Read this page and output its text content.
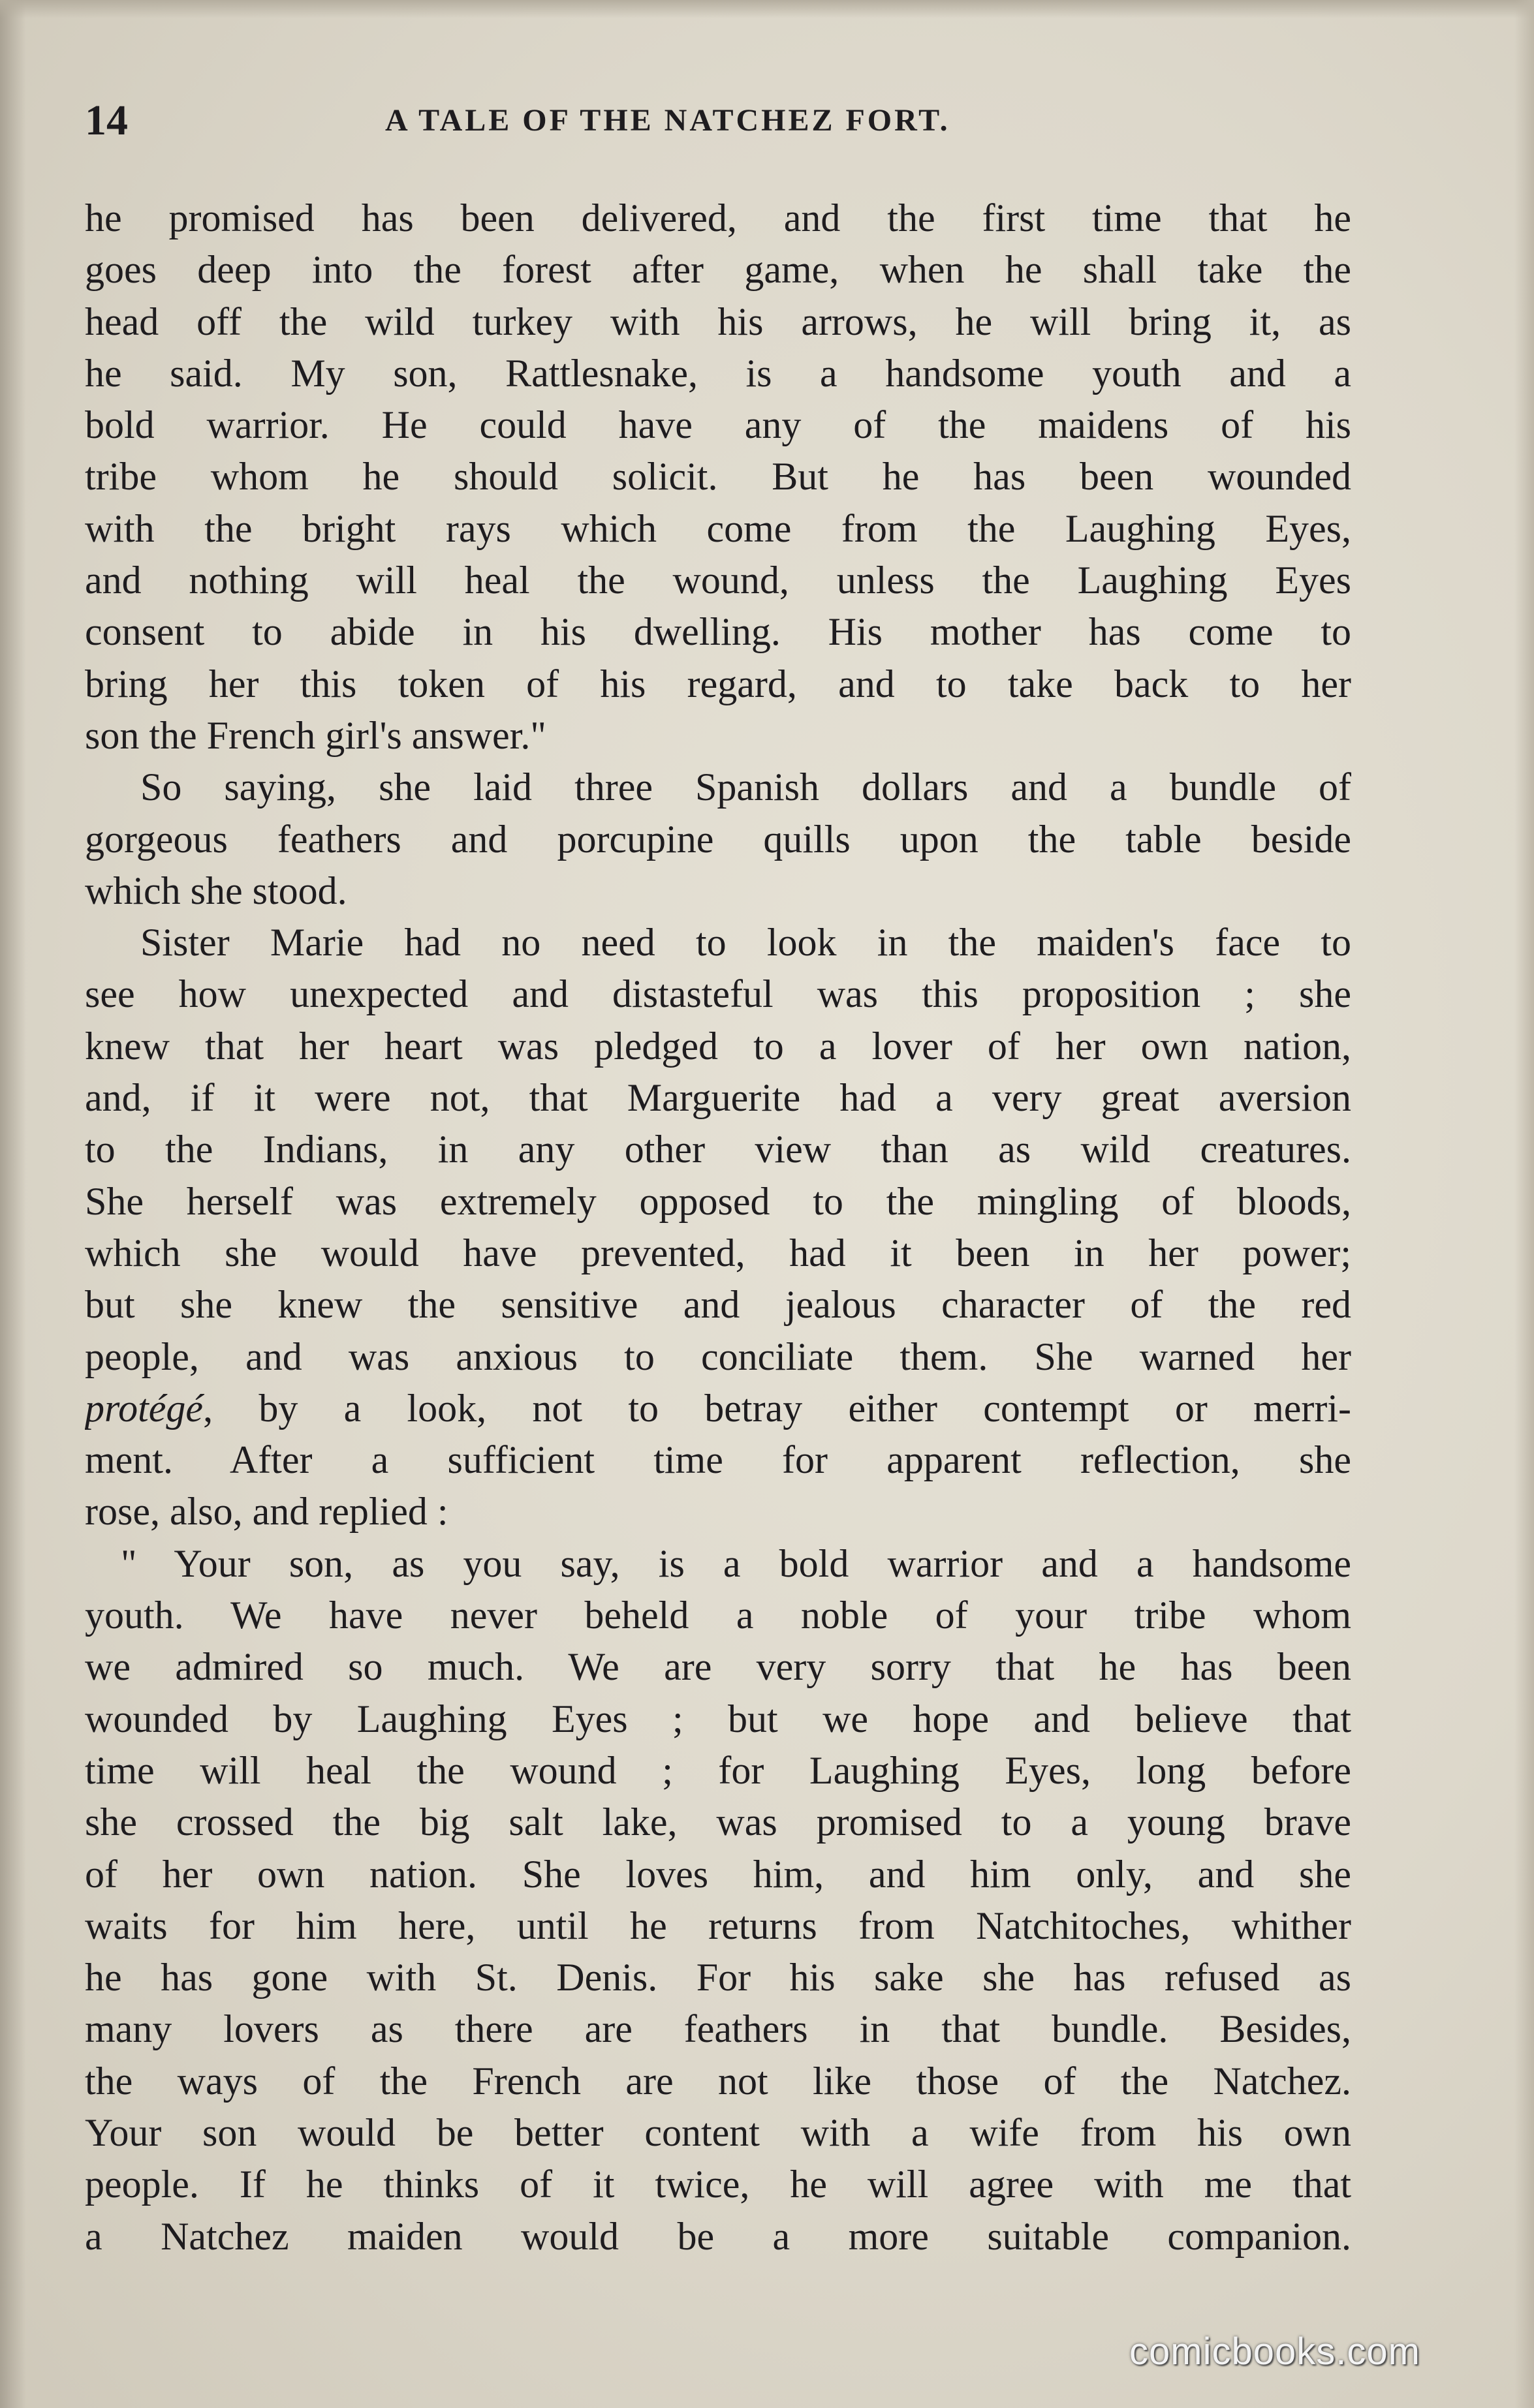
14	A TALE OF THE NATCHEZ FORT.
he promised has been delivered, and the first time that he
goes deep into the forest after game, when he shall take the
head off the wild turkey with his arrows, he will bring it, as
he said. My son, Rattlesnake, is a handsome youth and a
bold warrior. He could have any of the maidens of his
tribe whom he should solicit. But he has been wounded
with the bright rays which come from the Laughing Eyes,
and nothing will heal the wound, unless the Laughing Eyes
consent to abide in his dwelling. His mother has come to
bring her this token of his regard, and to take back to her
son the French girl's answer."
So saying, she laid three Spanish dollars and a bundle of
gorgeous feathers and porcupine quills upon the table beside
which she stood.
Sister Marie had no need to look in the maiden's face to
see how unexpected and distasteful was this proposition ; she
knew that her heart was pledged to a lover of her own nation,
and, if it were not, that Marguerite had a very great aversion
to the Indians, in any other view than as wild creatures.
She herself was extremely opposed to the mingling of bloods,
which she would have prevented, had it been in her power;
but she knew the sensitive and jealous character of the red
people, and was anxious to conciliate them. She warned her
protégé, by a look, not to betray either contempt or merri-
ment. After a sufficient time for apparent reflection, she
rose, also, and replied :
" Your son, as you say, is a bold warrior and a handsome
youth. We have never beheld a noble of your tribe whom
we admired so much. We are very sorry that he has been
wounded by Laughing Eyes ; but we hope and believe that
time will heal the wound ; for Laughing Eyes, long before
she crossed the big salt lake, was promised to a young brave
of her own nation. She loves him, and him only, and she
waits for him here, until he returns from Natchitoches, whither
he has gone with St. Denis. For his sake she has refused as
many lovers as there are feathers in that bundle. Besides,
the ways of the French are not like those of the Natchez.
Your son would be better content with a wife from his own
people. If he thinks of it twice, he will agree with me that
a Natchez maiden would be a more suitable companion.
comicbooks.com
